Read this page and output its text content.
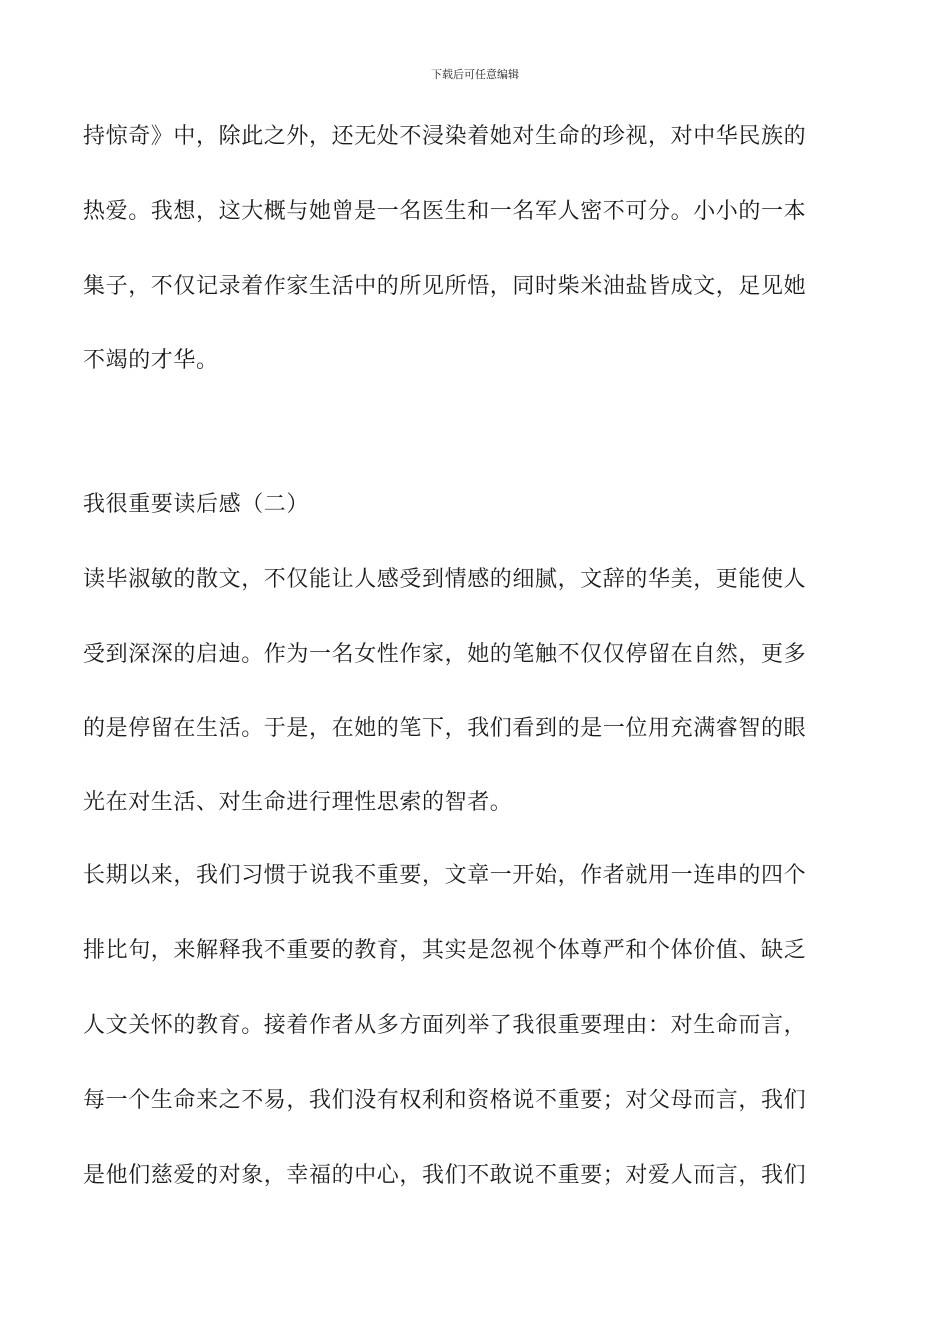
下载后可任意编辑
持惊奇》中，除此之外，还无处不浸染着她对生命的珍视，对中华民族的
热爱。我想，这大概与她曾是一名医生和一名军人密不可分。小小的一本
集子，不仅记录着作家生活中的所见所悟，同时柴米油盐皆成文，足见她
不竭的才华。
我很重要读后感（二）
读毕淑敏的散文，不仅能让人感受到情感的细腻，文辞的华美，更能使人
受到深深的启迪。作为一名女性作家，她的笔触不仅仅停留在自然，更多
的是停留在生活。于是，在她的笔下，我们看到的是一位用充满睿智的眼
光在对生活、对生命进行理性思索的智者。
长期以来，我们习惯于说我不重要，文章一开始，作者就用一连串的四个
排比句，来解释我不重要的教育，其实是忽视个体尊严和个体价值、缺乏
人文关怀的教育。接着作者从多方面列举了我很重要理由：对生命而言，
每一个生命来之不易，我们没有权利和资格说不重要；对父母而言，我们
是他们慈爱的对象，幸福的中心，我们不敢说不重要；对爱人而言，我们
